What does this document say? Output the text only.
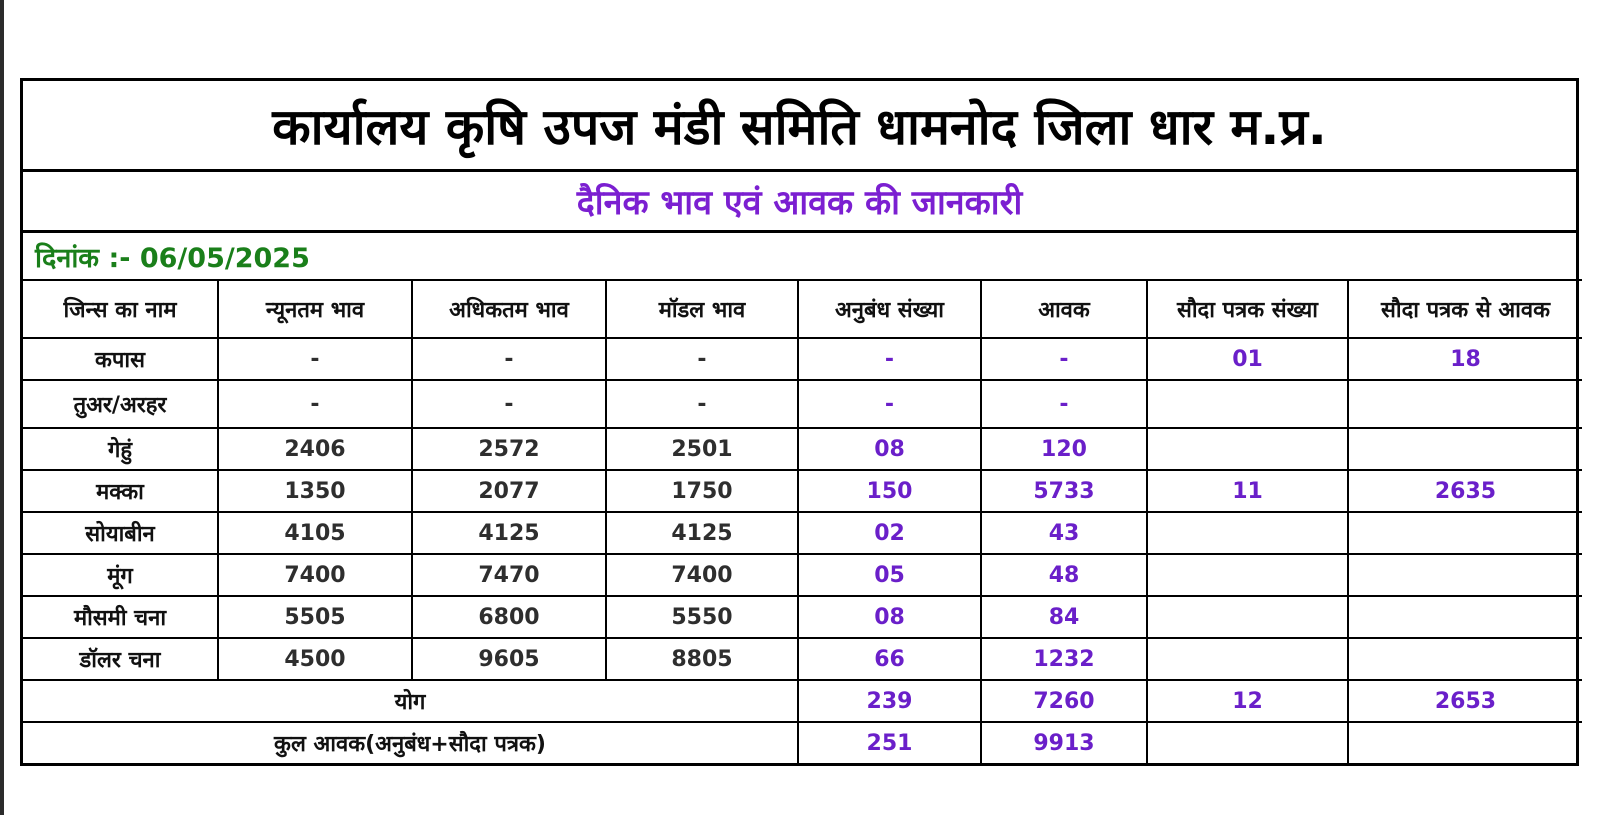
कार्यालय कृषि उपज मंडी समिति धामनोद जिला धार म.प्र.
दैनिक भाव एवं आवक की जानकारी
दिनांक :- 06/05/2025
जिन्स का नाम	न्यूनतम भाव	अधिकतम भाव	मॉडल भाव	अनुबंध संख्या	आवक	सौदा पत्रक संख्या	सौदा पत्रक से आवक
कपास	-	-	-	-	-	01	18
तुअर/अरहर	-	-	-	-	-		
गेहुं	2406	2572	2501	08	120		
मक्का	1350	2077	1750	150	5733	11	2635
सोयाबीन	4105	4125	4125	02	43		
मूंग	7400	7470	7400	05	48		
मौसमी चना	5505	6800	5550	08	84		
डॉलर चना	4500	9605	8805	66	1232		
योग				239	7260	12	2653
कुल आवक(अनुबंध+सौदा पत्रक)				251	9913		
